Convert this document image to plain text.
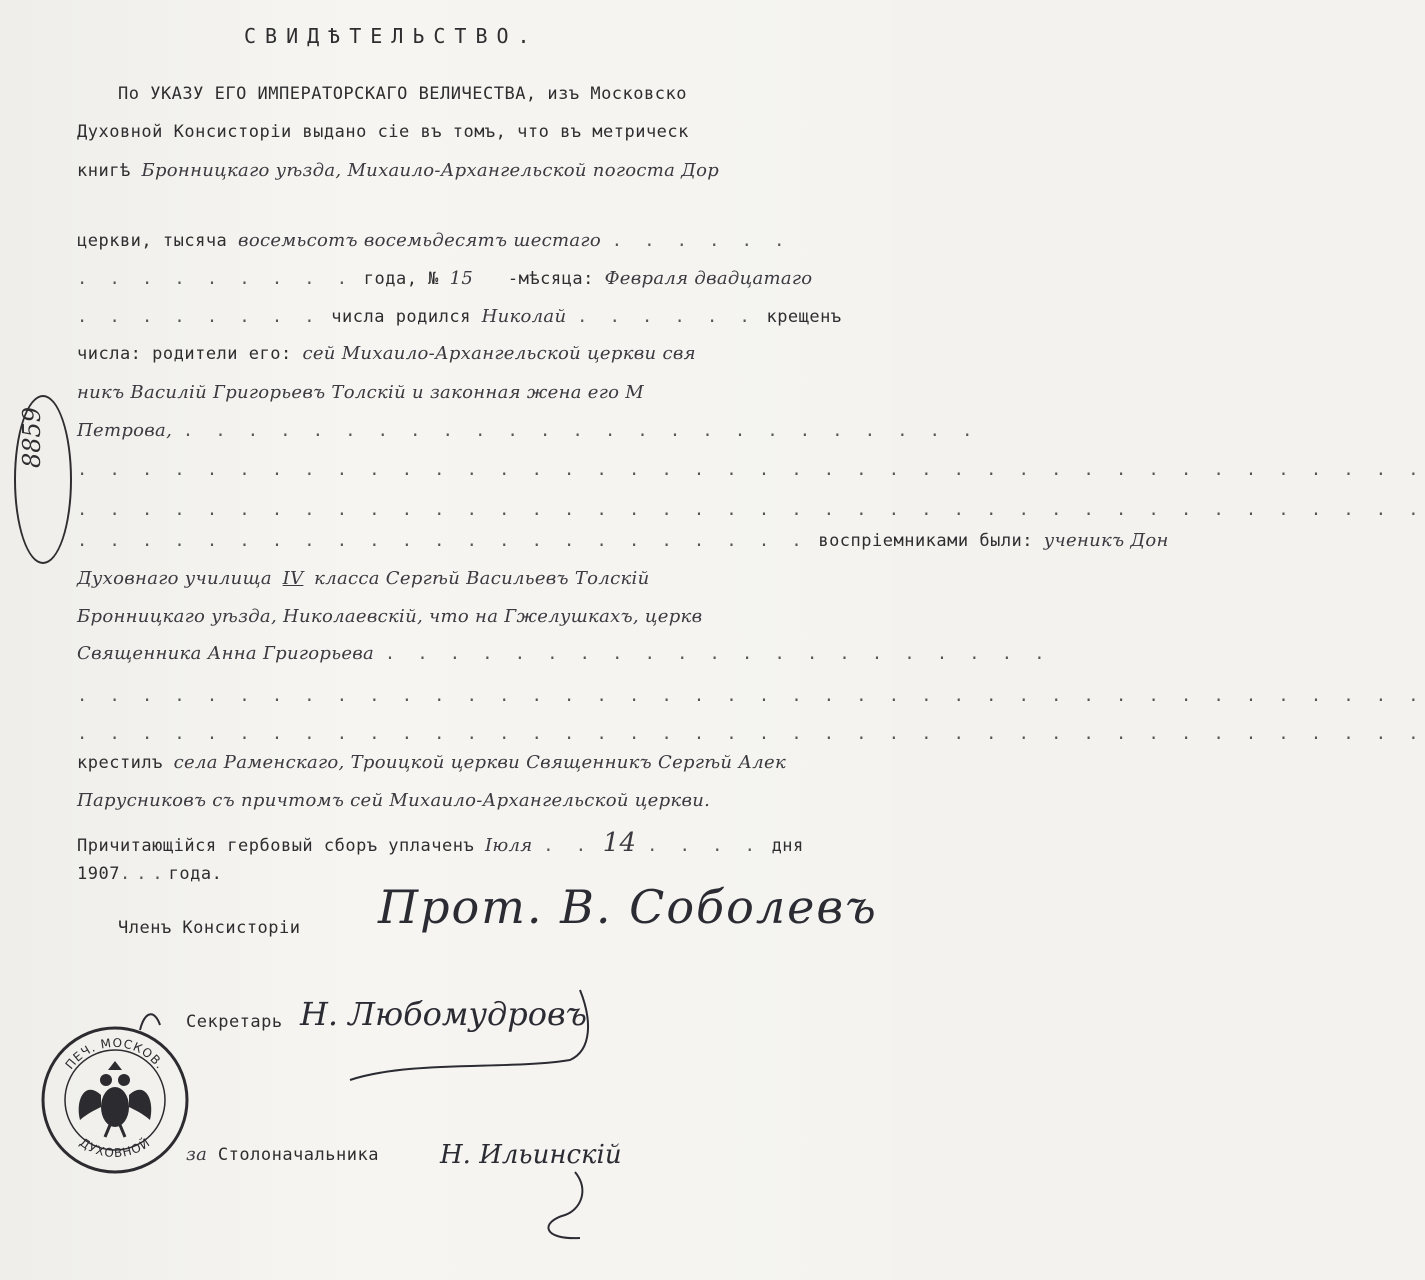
СВИДѢТЕЛЬСТВО.
По УКАЗУ ЕГО ИМПЕРАТОРСКАГО ВЕЛИЧЕСТВА, изъ Московско
Духовной Консисторіи выдано сіе въ томъ, что въ метрическ
книгѣ Бронницкаго уѣзда, Михаило-Архангельской погоста Дор
церкви, тысяча восемьсотъ восемьдесятъ шестаго . . . . . .
. . . . . . . . . года, № 15 -мѣсяца: Февраля двадцатаго
. . . . . . . . числа родился Николай . . . . . . крещенъ
числа: родители его: сей Михаило-Архангельской церкви свя
никъ Василій Григорьевъ Толскій и законная жена его М
Петрова, . . . . . . . . . . . . . . . . . . . . . . . . .
. . . . . . . . . . . . . . . . . . . . . . . . . . . . . . . . . . . . . . . . . .
. . . . . . . . . . . . . . . . . . . . . . . . . . . . . . . . . . . . . . . . . .
. . . . . . . . . . . . . . . . . . . . . . . воспріемниками были: ученикъ Дон
Духовнаго училища IV класса Сергѣй Васильевъ Толскій
Бронницкаго уѣзда, Николаевскій, что на Гжелушкахъ, церкв
Священника Анна Григорьева . . . . . . . . . . . . . . . . . . . . .
. . . . . . . . . . . . . . . . . . . . . . . . . . . . . . . . . . . . . . . . . .
. . . . . . . . . . . . . . . . . . . . . . . . . . . . . . . . . . . . . . . . . .
крестилъ села Раменскаго, Троицкой церкви Священникъ Сергѣй Алек
Парусниковъ съ причтомъ сей Михаило-Архангельской церкви.
Причитающійся гербовый сборъ уплаченъ Іюля . . 14 . . . . дня
1907...года.
Членъ Консисторіи Прот. В. Соболевъ
Секретарь Н. Любомудровъ
за Столоначальника Н. Ильинскій
8859
ПЕЧ. МОСКОВ.
ДУХОВНОЙ
